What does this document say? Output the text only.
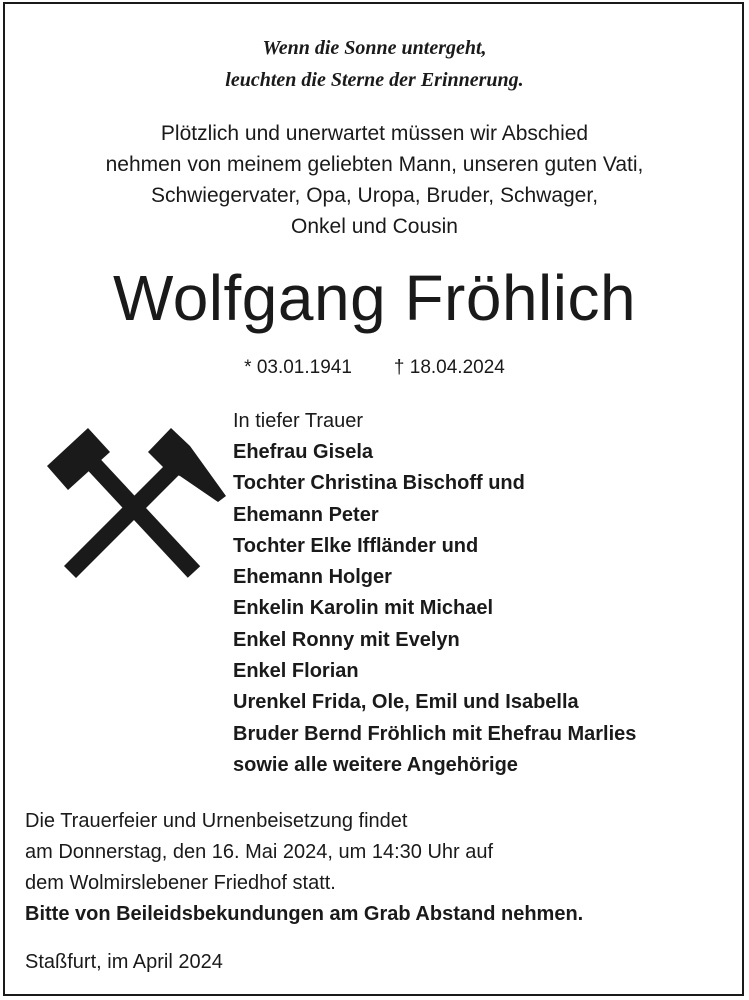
Wenn die Sonne untergeht,
leuchten die Sterne der Erinnerung.
Plötzlich und unerwartet müssen wir Abschied
nehmen von meinem geliebten Mann, unseren guten Vati,
Schwiegervater, Opa, Uropa, Bruder, Schwager,
Onkel und Cousin
Wolfgang Fröhlich
* 03.01.1941 † 18.04.2024
In tiefer Trauer
Ehefrau Gisela
Tochter Christina Bischoff und
Ehemann Peter
Tochter Elke Iffländer und
Ehemann Holger
Enkelin Karolin mit Michael
Enkel Ronny mit Evelyn
Enkel Florian
Urenkel Frida, Ole, Emil und Isabella
Bruder Bernd Fröhlich mit Ehefrau Marlies
sowie alle weitere Angehörige
Die Trauerfeier und Urnenbeisetzung findet
am Donnerstag, den 16. Mai 2024, um 14:30 Uhr auf
dem Wolmirslebener Friedhof statt.
Bitte von Beileidsbekundungen am Grab Abstand nehmen.
Staßfurt, im April 2024
